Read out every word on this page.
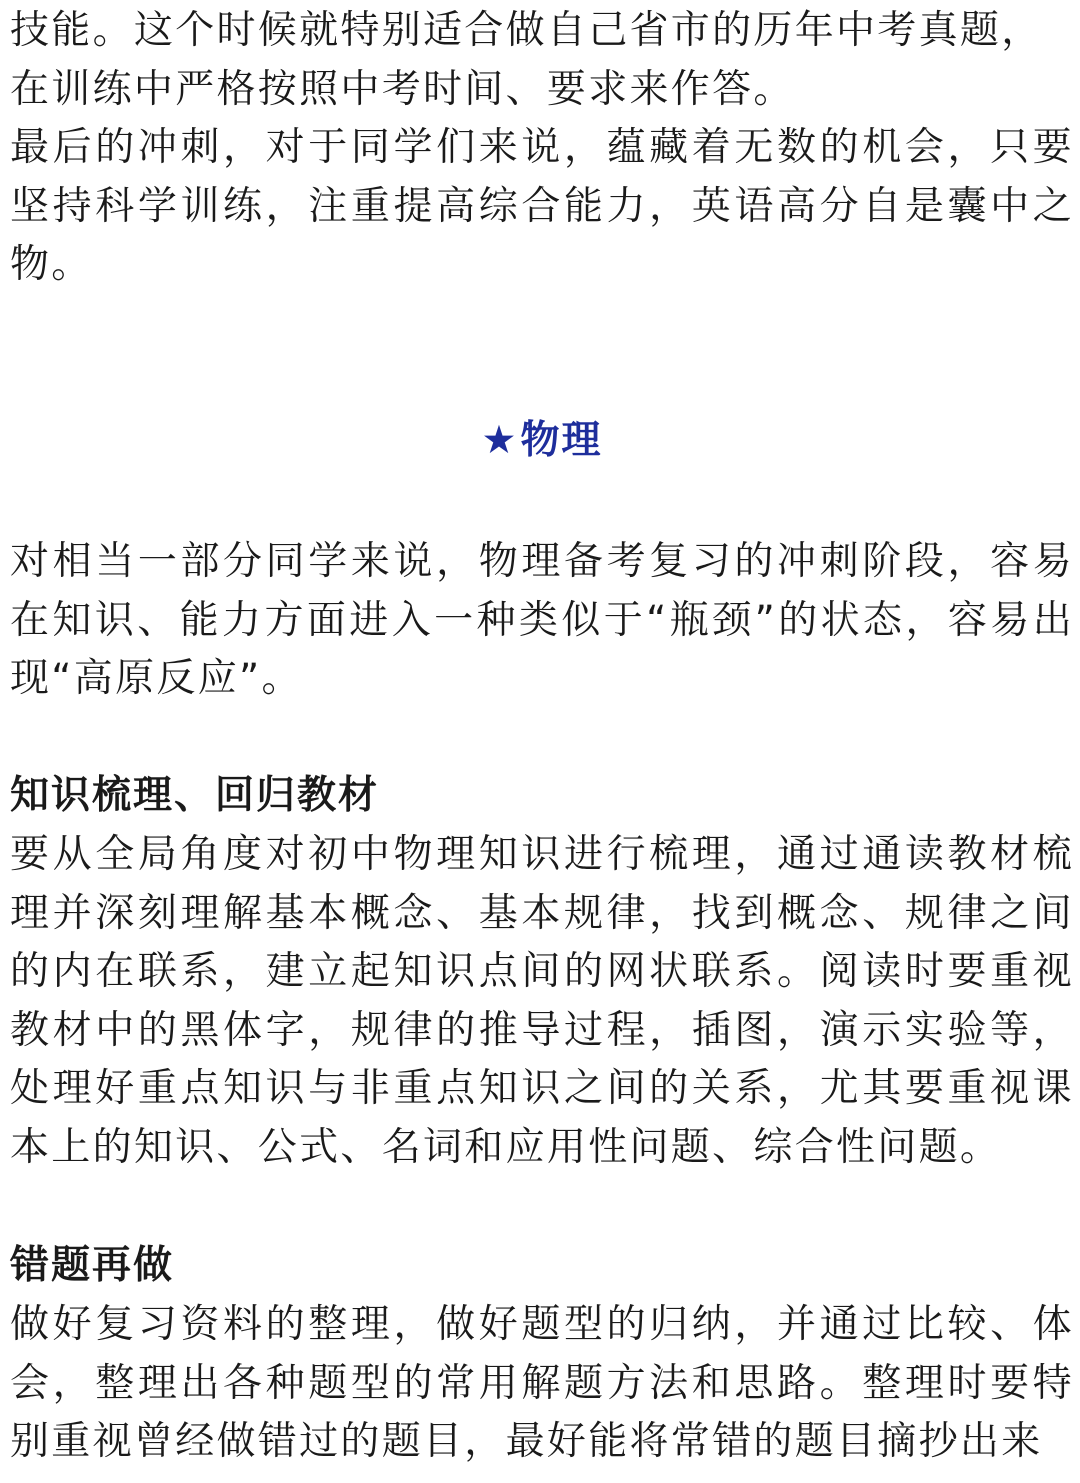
技能。这个时候就特别适合做自己省市的历年中考真题，
在训练中严格按照中考时间、要求来作答。
最后的冲刺，对于同学们来说，蕴藏着无数的机会，只要坚持科学训练，注重提高综合能力，英语高分自是囊中之物。
★物理

对相当一部分同学来说，物理备考复习的冲刺阶段，容易在知识、能力方面进入一种类似于“瓶颈”的状态，容易出现“高原反应”。

知识梳理、回归教材

要从全局角度对初中物理知识进行梳理，通过通读教材梳理并深刻理解基本概念、基本规律，找到概念、规律之间的内在联系，建立起知识点间的网状联系。阅读时要重视教材中的黑体字，规律的推导过程，插图，演示实验等，处理好重点知识与非重点知识之间的关系，尤其要重视课本上的知识、公式、名词和应用性问题、综合性问题。

错题再做

做好复习资料的整理，做好题型的归纳，并通过比较、体会，整理出各种题型的常用解题方法和思路。整理时要特别重视曾经做错过的题目，最好能将常错的题目摘抄出来
